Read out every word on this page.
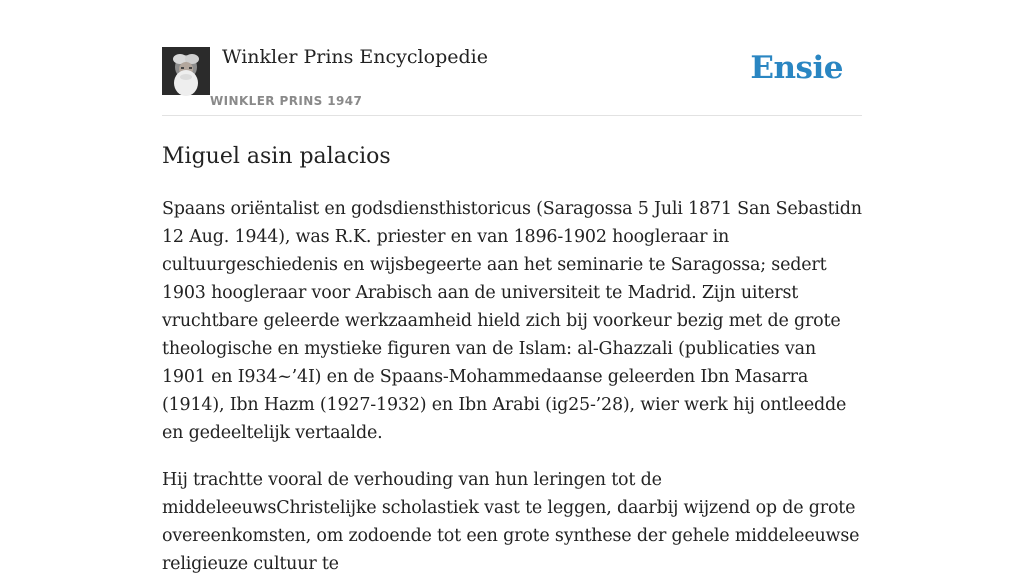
Winkler Prins Encyclopedie
WINKLER PRINS 1947
Ensie
Miguel asin palacios

Spaans oriëntalist en godsdiensthistoricus (Saragossa 5 Juli 1871 San Sebastidn 12 Aug. 1944), was R.K. priester en van 1896-1902 hoogleraar in cultuurgeschiedenis en wijsbegeerte aan het seminarie te Saragossa; sedert 1903 hoogleraar voor Arabisch aan de universiteit te Madrid. Zijn uiterst vruchtbare geleerde werkzaamheid hield zich bij voorkeur bezig met de grote theologische en mystieke figuren van de Islam: al-Ghazzali (publicaties van 1901 en I934~’4I) en de Spaans-Mohammedaanse geleerden Ibn Masarra (1914), Ibn Hazm (1927-1932) en Ibn Arabi (ig25-’28), wier werk hij ontleedde en gedeeltelijk vertaalde.

Hij trachtte vooral de verhouding van hun leringen tot de middeleeuwsChristelijke scholastiek vast te leggen, daarbij wijzend op de grote overeenkomsten, om zodoende tot een grote synthese der gehele middeleeuwse religieuze cultuur te
